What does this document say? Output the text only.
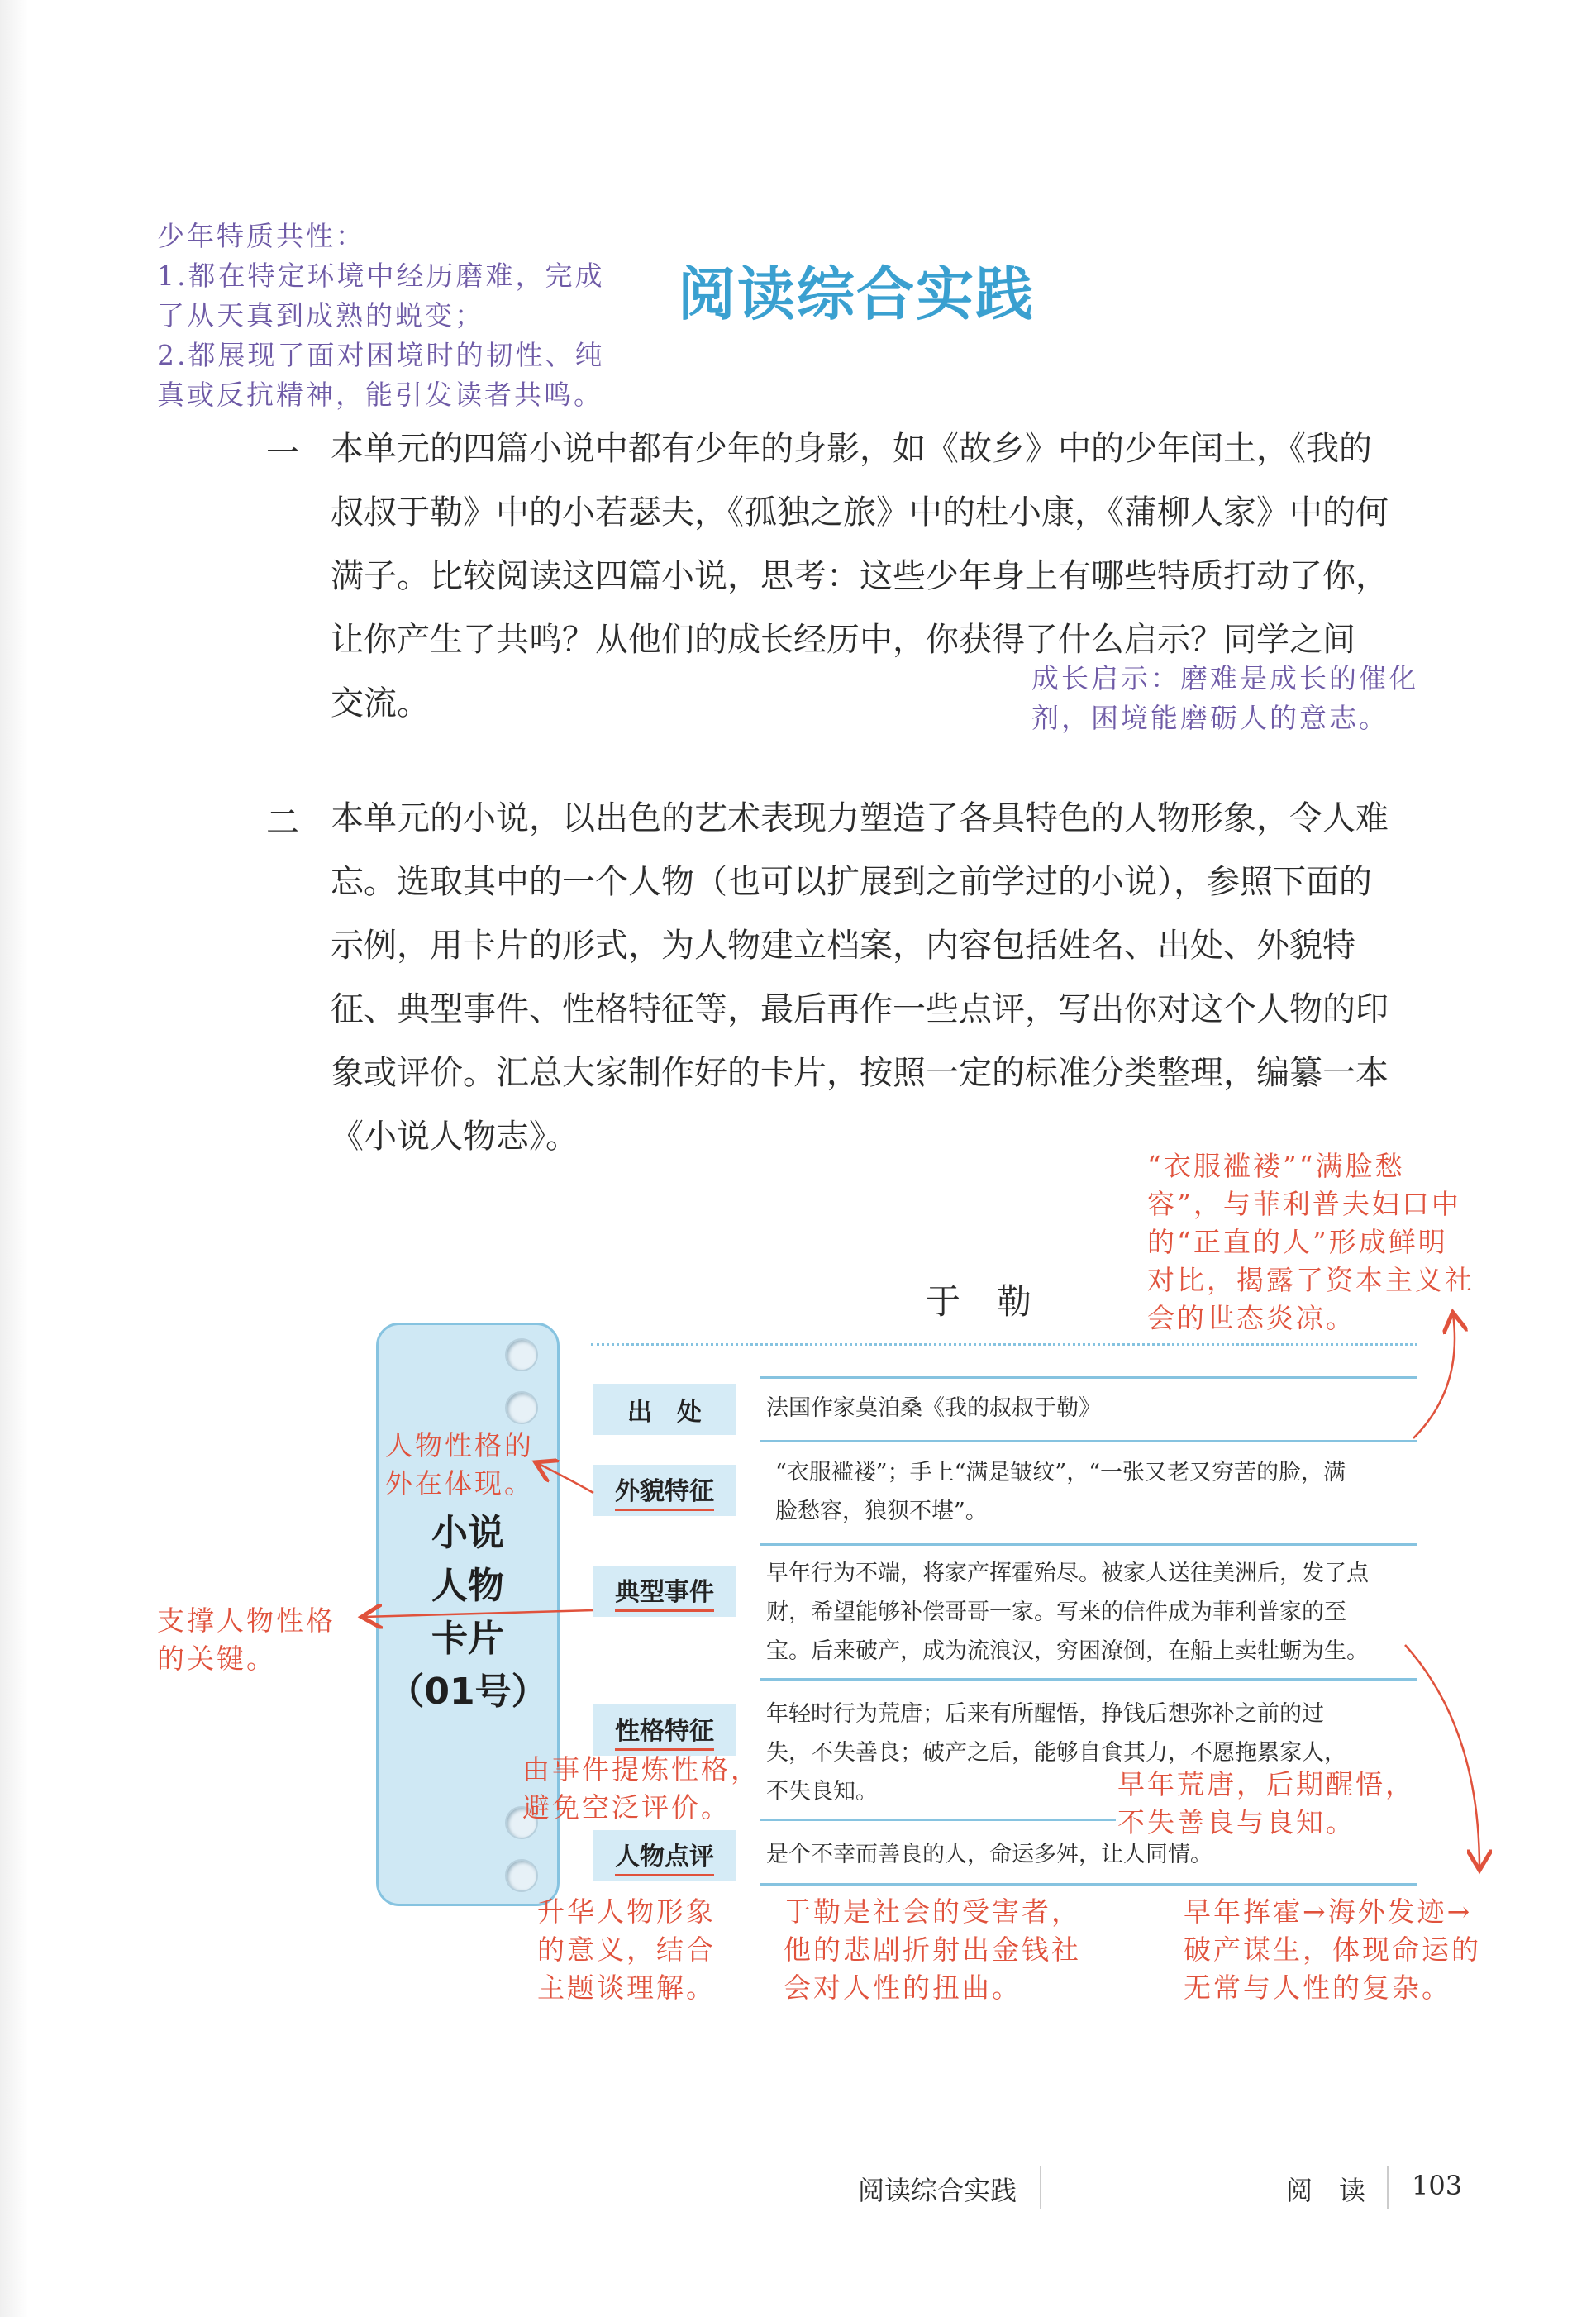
阅读综合实践
少年特质共性：
1.都在特定环境中经历磨难，完成
了从天真到成熟的蜕变；
2.都展现了面对困境时的韧性、纯
真或反抗精神，能引发读者共鸣。
一 本单元的四篇小说中都有少年的身影，如《故乡》中的少年闰土，《我的
叔叔于勒》中的小若瑟夫，《孤独之旅》中的杜小康，《蒲柳人家》中的何
满子。比较阅读这四篇小说，思考：这些少年身上有哪些特质打动了你，
让你产生了共鸣？从他们的成长经历中，你获得了什么启示？同学之间
交流。
成长启示：磨难是成长的催化
剂，困境能磨砺人的意志。
二 本单元的小说，以出色的艺术表现力塑造了各具特色的人物形象，令人难
忘。选取其中的一个人物（也可以扩展到之前学过的小说），参照下面的
示例，用卡片的形式，为人物建立档案，内容包括姓名、出处、外貌特
征、典型事件、性格特征等，最后再作一些点评，写出你对这个人物的印
象或评价。汇总大家制作好的卡片，按照一定的标准分类整理，编纂一本
《小说人物志》。
“衣服褴褛”“满脸愁
容”，与菲利普夫妇口中
的“正直的人”形成鲜明
对比，揭露了资本主义社
会的世态炎凉。
于勒
小说
人物
卡片
（01号）
出　处
外貌特征
典型事件
性格特征
人物点评
法国作家莫泊桑《我的叔叔于勒》
“衣服褴褛”；手上“满是皱纹”，“一张又老又穷苦的脸，满
脸愁容，狼狈不堪”。
早年行为不端，将家产挥霍殆尽。被家人送往美洲后，发了点
财，希望能够补偿哥哥一家。写来的信件成为菲利普家的至
宝。后来破产，成为流浪汉，穷困潦倒，在船上卖牡蛎为生。
年轻时行为荒唐；后来有所醒悟，挣钱后想弥补之前的过
失，不失善良；破产之后，能够自食其力，不愿拖累家人，
不失良知。
是个不幸而善良的人，命运多舛，让人同情。
人物性格的
外在体现。
支撑人物性格
的关键。
由事件提炼性格，
避免空泛评价。
早年荒唐，后期醒悟，
不失善良与良知。
升华人物形象
的意义，结合
主题谈理解。
于勒是社会的受害者，
他的悲剧折射出金钱社
会对人性的扭曲。
早年挥霍→海外发迹→
破产谋生，体现命运的
无常与人性的复杂。
阅读综合实践	阅　读 103
